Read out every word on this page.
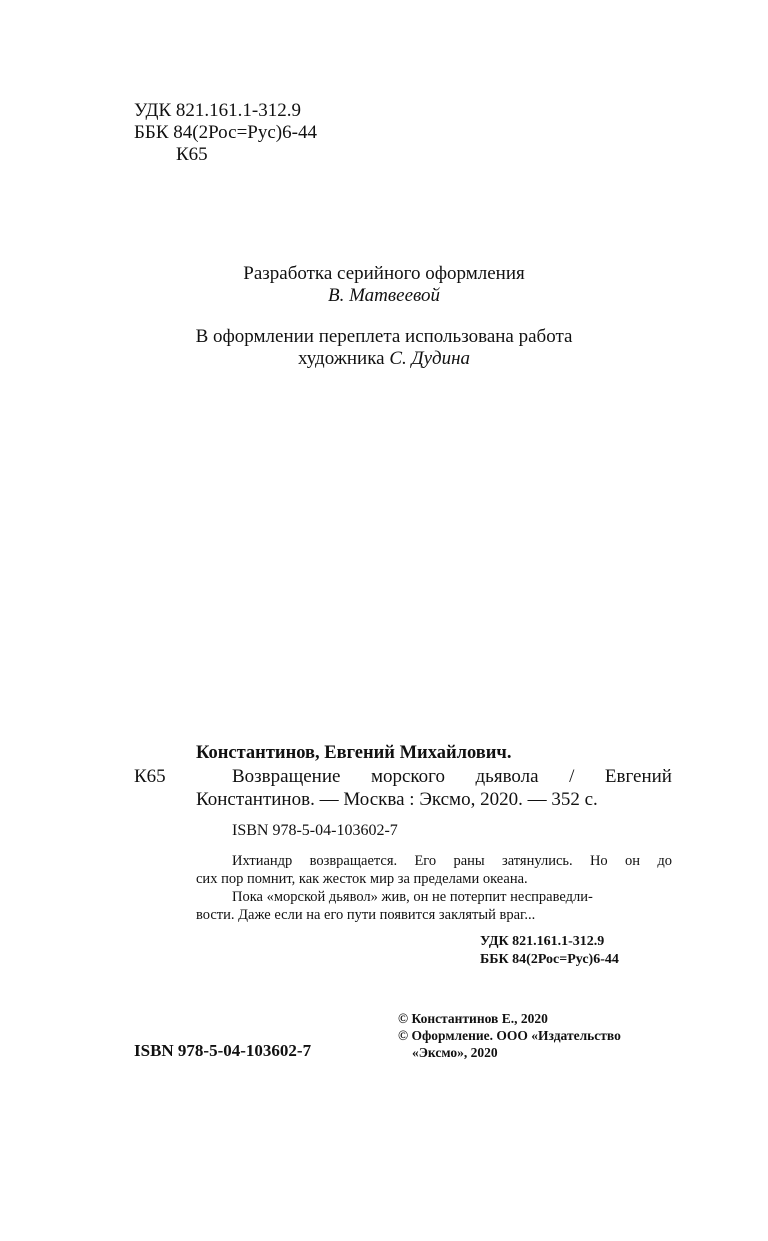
УДК 821.161.1-312.9
ББК 84(2Рос=Рус)6-44
К65
Разработка серийного оформления
В. Матвеевой
В оформлении переплета использована работа
художника С. Дудина
Константинов, Евгений Михайлович.
К65	Возвращение морского дьявола / Евгений
Константинов. — Москва : Эксмо, 2020. — 352 с.
ISBN 978-5-04-103602-7
Ихтиандр возвращается. Его раны затянулись. Но он до
сих пор помнит, как жесток мир за пределами океана.
Пока «морской дьявол» жив, он не потерпит несправедли-
вости. Даже если на его пути появится заклятый враг...
УДК 821.161.1-312.9
ББК 84(2Рос=Рус)6-44
© Константинов Е., 2020
© Оформление. ООО «Издательство
«Эксмо», 2020
ISBN 978-5-04-103602-7
